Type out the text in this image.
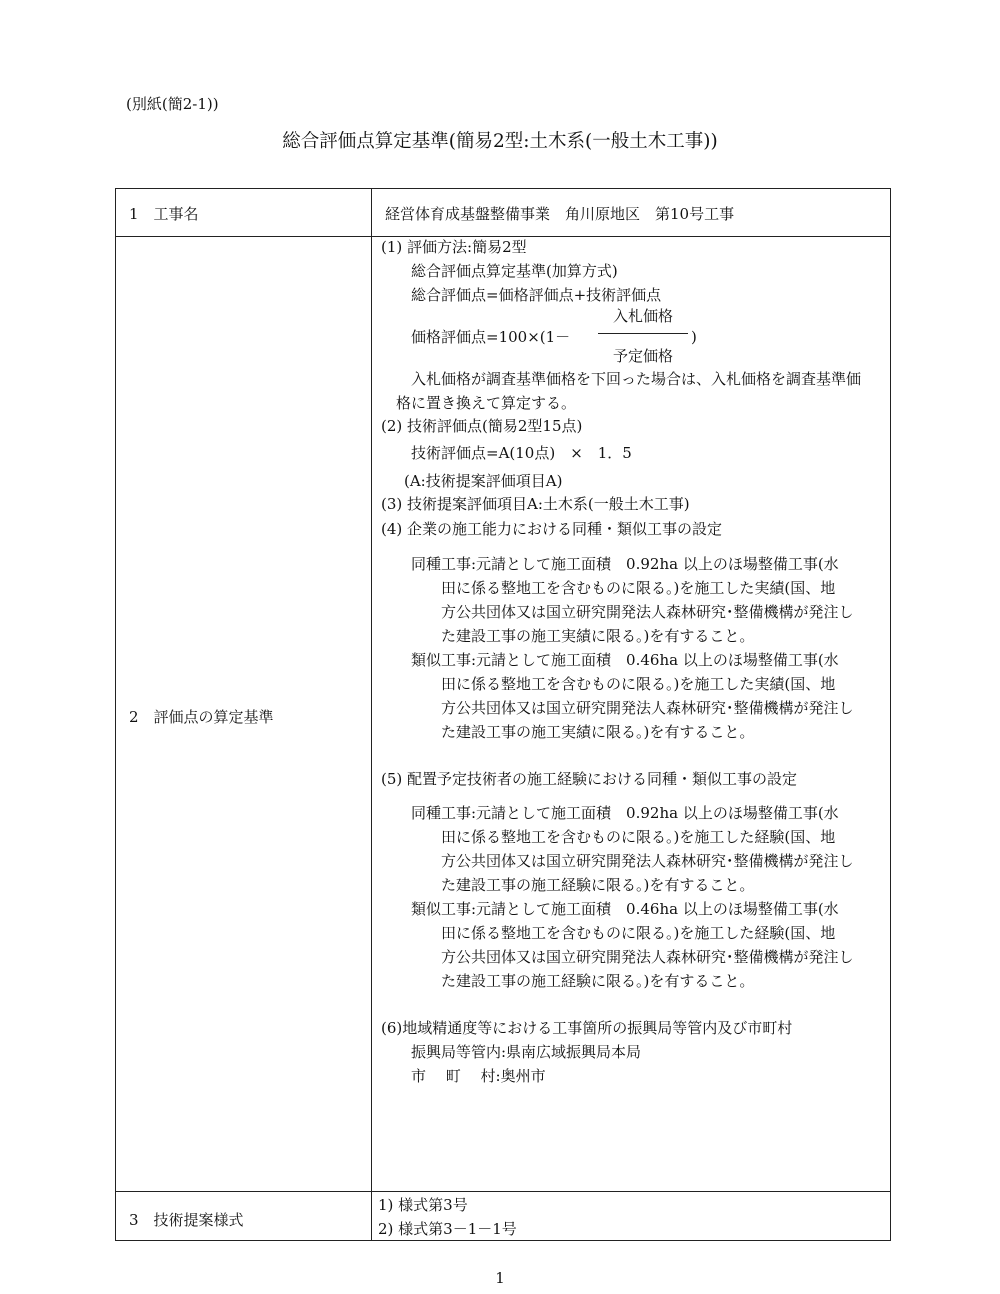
(別紙(簡2-1))
総合評価点算定基準(簡易2型:土木系(一般土木工事))
1　工事名	経営体育成基盤整備事業　角川原地区　第10号工事
2　評価点の算定基準
(1) 評価方法:簡易2型
総合評価点算定基準(加算方式)
総合評価点=価格評価点+技術評価点
入札価格
価格評価点=100×(1－	)
予定価格
入札価格が調査基準価格を下回った場合は、入札価格を調査基準価
格に置き換えて算定する。
(2) 技術評価点(簡易2型15点)
技術評価点=A(10点)　×　1．5
(A:技術提案評価項目A)
(3) 技術提案評価項目A:土木系(一般土木工事)
(4) 企業の施工能力における同種・類似工事の設定
同種工事:元請として施工面積　0.92ha 以上のほ場整備工事(水
田に係る整地工を含むものに限る。)を施工した実績(国、地
方公共団体又は国立研究開発法人森林研究･整備機構が発注し
た建設工事の施工実績に限る。)を有すること。
類似工事:元請として施工面積　0.46ha 以上のほ場整備工事(水
田に係る整地工を含むものに限る。)を施工した実績(国、地
方公共団体又は国立研究開発法人森林研究･整備機構が発注し
た建設工事の施工実績に限る。)を有すること。
(5) 配置予定技術者の施工経験における同種・類似工事の設定
同種工事:元請として施工面積　0.92ha 以上のほ場整備工事(水
田に係る整地工を含むものに限る。)を施工した経験(国、地
方公共団体又は国立研究開発法人森林研究･整備機構が発注し
た建設工事の施工経験に限る。)を有すること。
類似工事:元請として施工面積　0.46ha 以上のほ場整備工事(水
田に係る整地工を含むものに限る。)を施工した経験(国、地
方公共団体又は国立研究開発法人森林研究･整備機構が発注し
た建設工事の施工経験に限る。)を有すること。
(6)地域精通度等における工事箇所の振興局等管内及び市町村
振興局等管内:県南広域振興局本局
市　 町　 村:奥州市
3　技術提案様式
1) 様式第3号
2) 様式第3－1－1号
1
